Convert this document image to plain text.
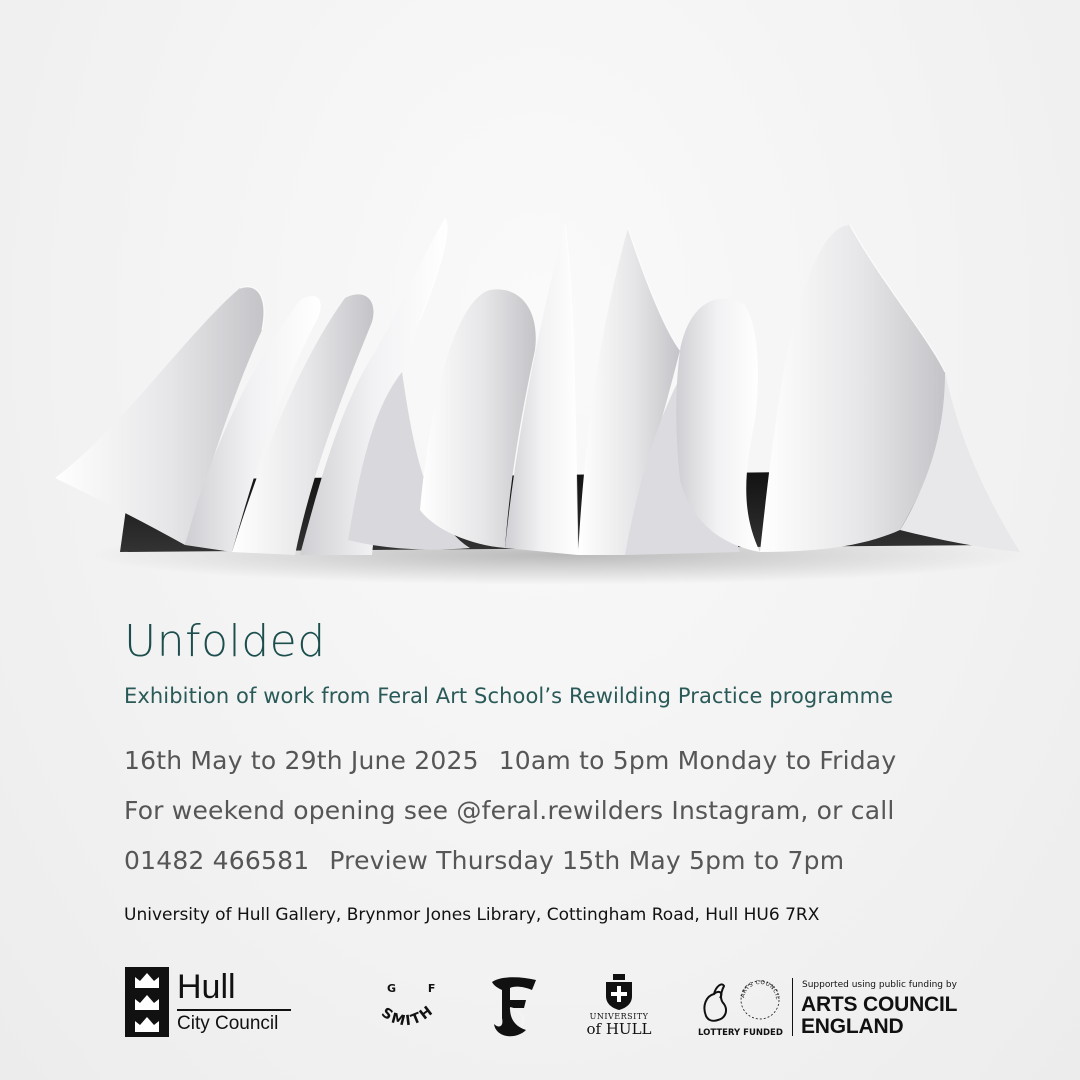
Unfolded
Exhibition of work from Feral Art School’s Rewilding Practice programme
16th May to 29th June 2025 10am to 5pm Monday to Friday
For weekend opening see @feral.rewilders Instagram, or call
01482 466581 Preview Thursday 15th May 5pm to 7pm
University of Hull Gallery, Brynmor Jones Library, Cottingham Road, Hull HU6 7RX
Hull
City Council
G F
SMITH	UNIVERSITY
of HULL
ARTS COUNCIL
LOTTERY FUNDED
Supported using public funding by
ARTS COUNCIL
ENGLAND
